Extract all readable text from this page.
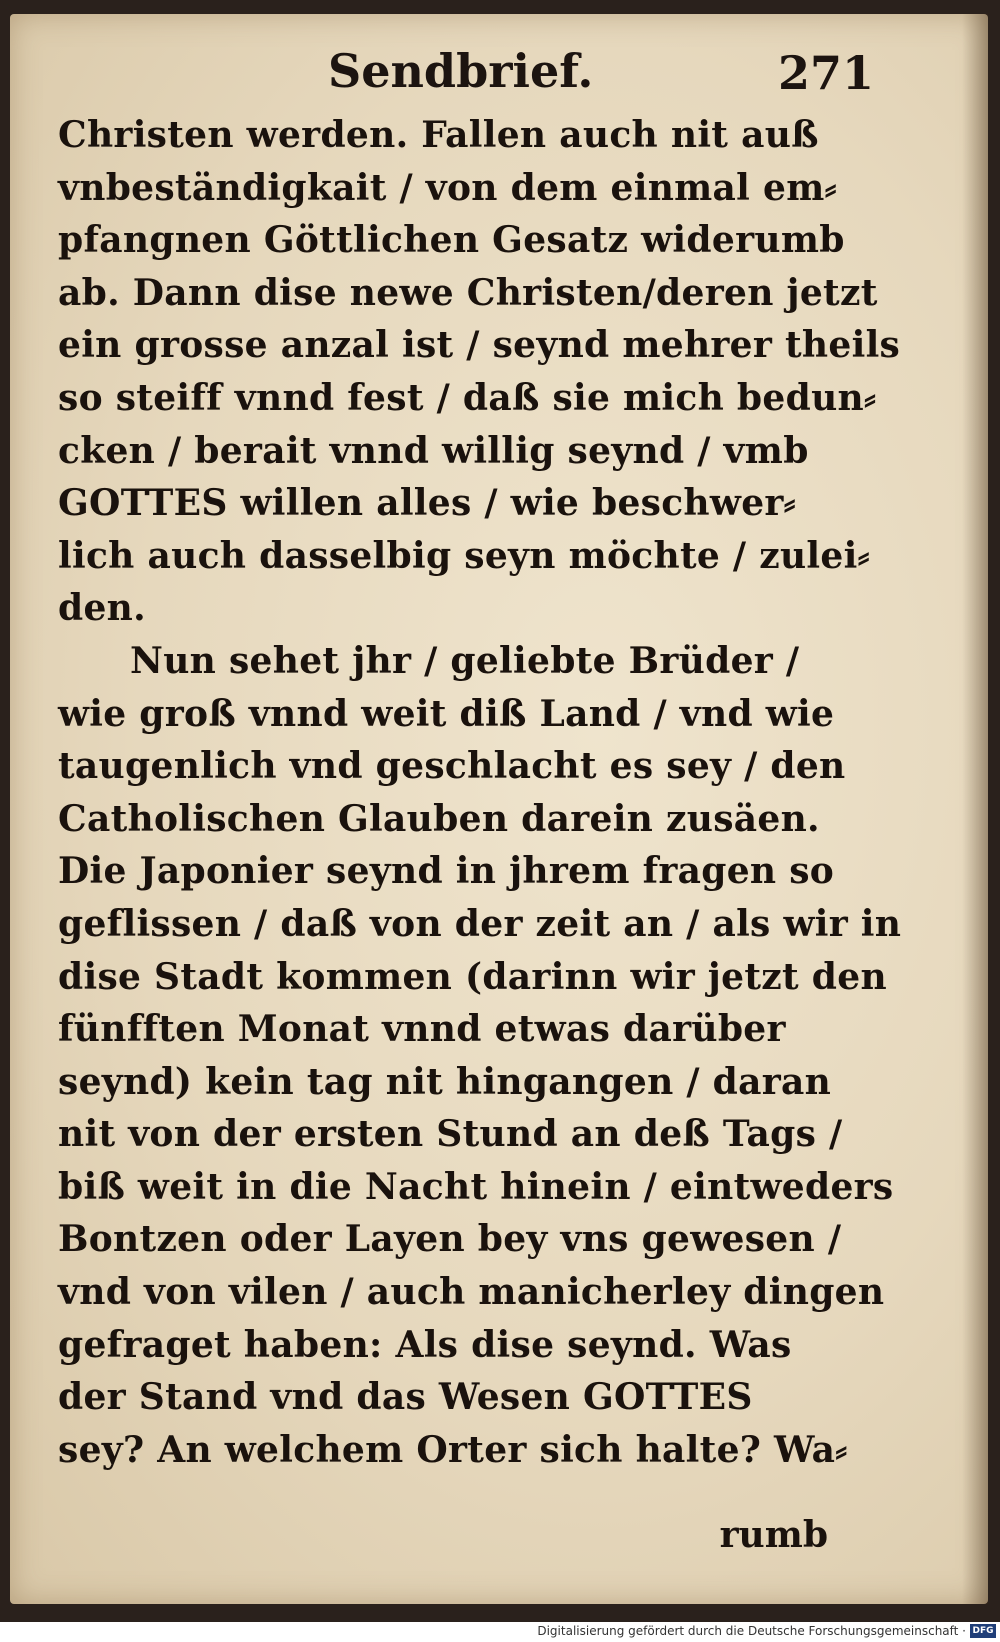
Sendbrief.	271
Christen werden. Fallen auch nit auß
vnbeständigkait / von dem einmal em⸗
pfangnen Göttlichen Gesatz widerumb
ab. Dann dise newe Christen/deren jetzt
ein grosse anzal ist / seynd mehrer theils
so steiff vnnd fest / daß sie mich bedun⸗
cken / berait vnnd willig seynd / vmb
GOTTES willen alles / wie beschwer⸗
lich auch dasselbig seyn möchte / zulei⸗
den.
Nun sehet jhr / geliebte Brüder /
wie groß vnnd weit diß Land / vnd wie
taugenlich vnd geschlacht es sey / den
Catholischen Glauben darein zusäen.
Die Japonier seynd in jhrem fragen so
geflissen / daß von der zeit an / als wir in
dise Stadt kommen (darinn wir jetzt den
fünfften Monat vnnd etwas darüber
seynd) kein tag nit hingangen / daran
nit von der ersten Stund an deß Tags /
biß weit in die Nacht hinein / eintweders
Bontzen oder Layen bey vns gewesen /
vnd von vilen / auch manicherley dingen
gefraget haben: Als dise seynd. Was
der Stand vnd das Wesen GOTTES
sey? An welchem Orter sich halte? Wa⸗
rumb
Digitalisierung gefördert durch die Deutsche Forschungsgemeinschaft · DFG
